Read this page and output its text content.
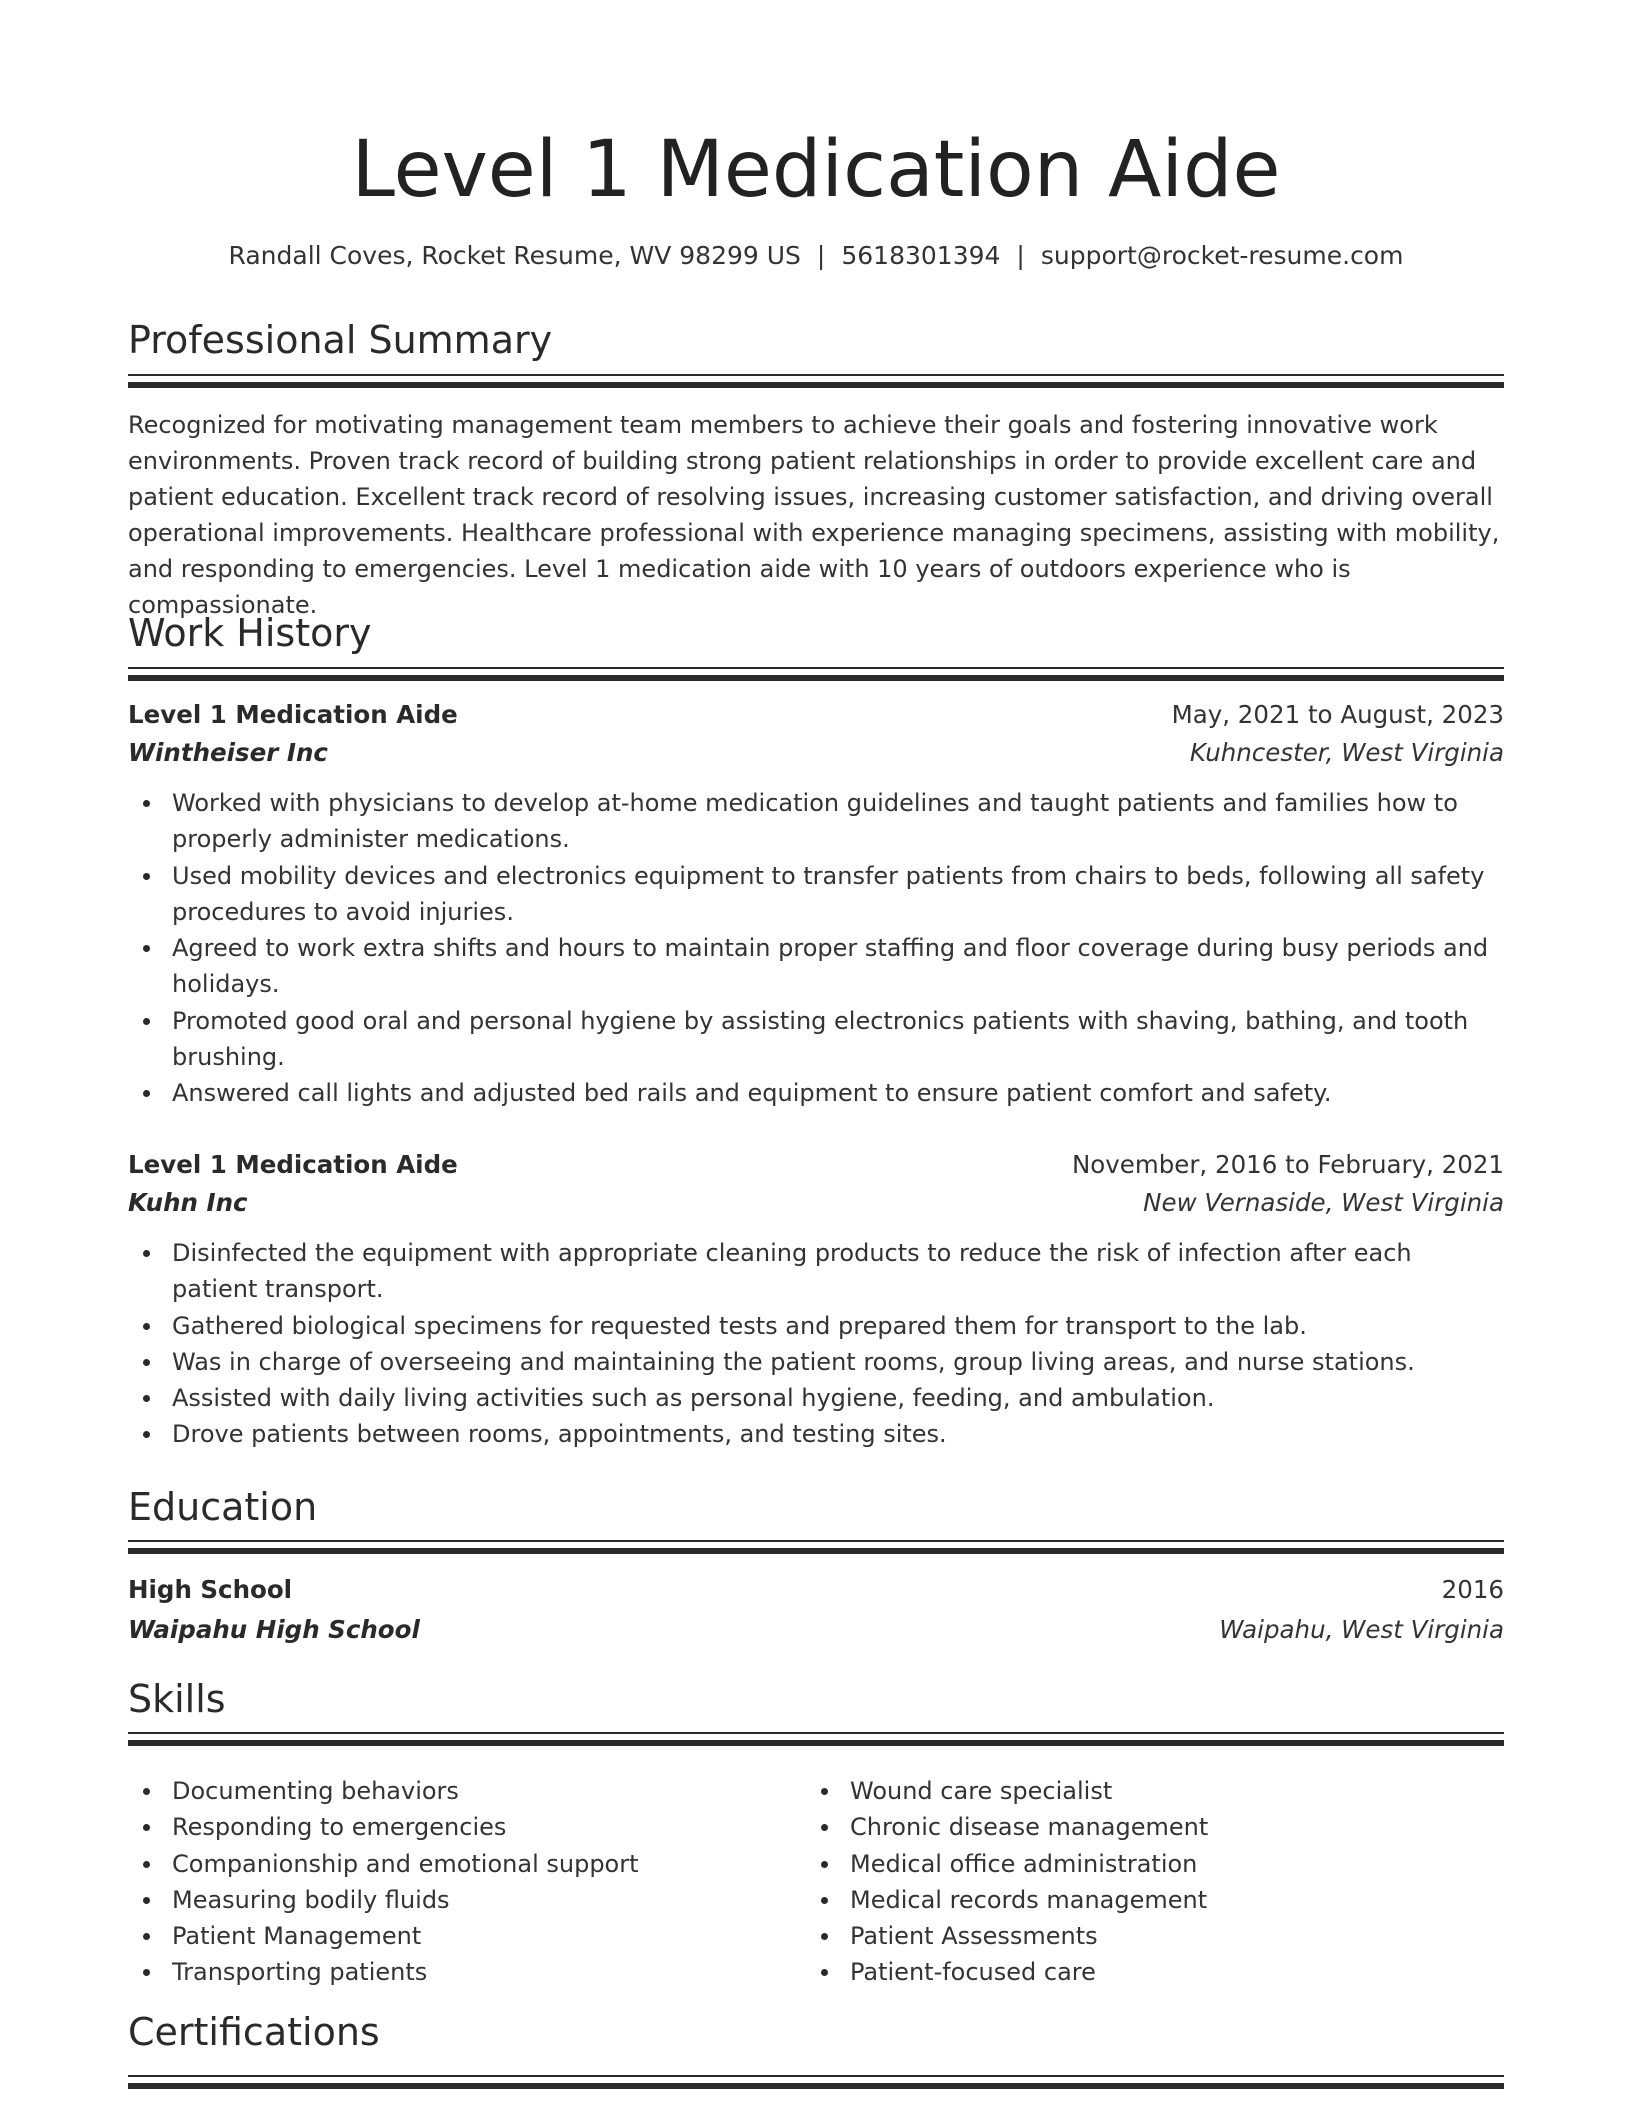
Level 1 Medication Aide
Randall Coves, Rocket Resume, WV 98299 US | 5618301394 | support@rocket-resume.com
Professional Summary
Recognized for motivating management team members to achieve their goals and fostering innovative work environments. Proven track record of building strong patient relationships in order to provide excellent care and patient education. Excellent track record of resolving issues, increasing customer satisfaction, and driving overall operational improvements. Healthcare professional with experience managing specimens, assisting with mobility, and responding to emergencies. Level 1 medication aide with 10 years of outdoors experience who is compassionate.
Work History
Level 1 Medication Aide	May, 2021 to August, 2023
Wintheiser Inc	Kuhncester, West Virginia
Worked with physicians to develop at-home medication guidelines and taught patients and families how to properly administer medications.
Used mobility devices and electronics equipment to transfer patients from chairs to beds, following all safety procedures to avoid injuries.
Agreed to work extra shifts and hours to maintain proper staffing and floor coverage during busy periods and holidays.
Promoted good oral and personal hygiene by assisting electronics patients with shaving, bathing, and tooth brushing.
Answered call lights and adjusted bed rails and equipment to ensure patient comfort and safety.
Level 1 Medication Aide	November, 2016 to February, 2021
Kuhn Inc	New Vernaside, West Virginia
Disinfected the equipment with appropriate cleaning products to reduce the risk of infection after each patient transport.
Gathered biological specimens for requested tests and prepared them for transport to the lab.
Was in charge of overseeing and maintaining the patient rooms, group living areas, and nurse stations.
Assisted with daily living activities such as personal hygiene, feeding, and ambulation.
Drove patients between rooms, appointments, and testing sites.
Education
High School	2016
Waipahu High School	Waipahu, West Virginia
Skills
Documenting behaviors
Responding to emergencies
Companionship and emotional support
Measuring bodily fluids
Patient Management
Transporting patients
Wound care specialist
Chronic disease management
Medical office administration
Medical records management
Patient Assessments
Patient-focused care
Certifications
